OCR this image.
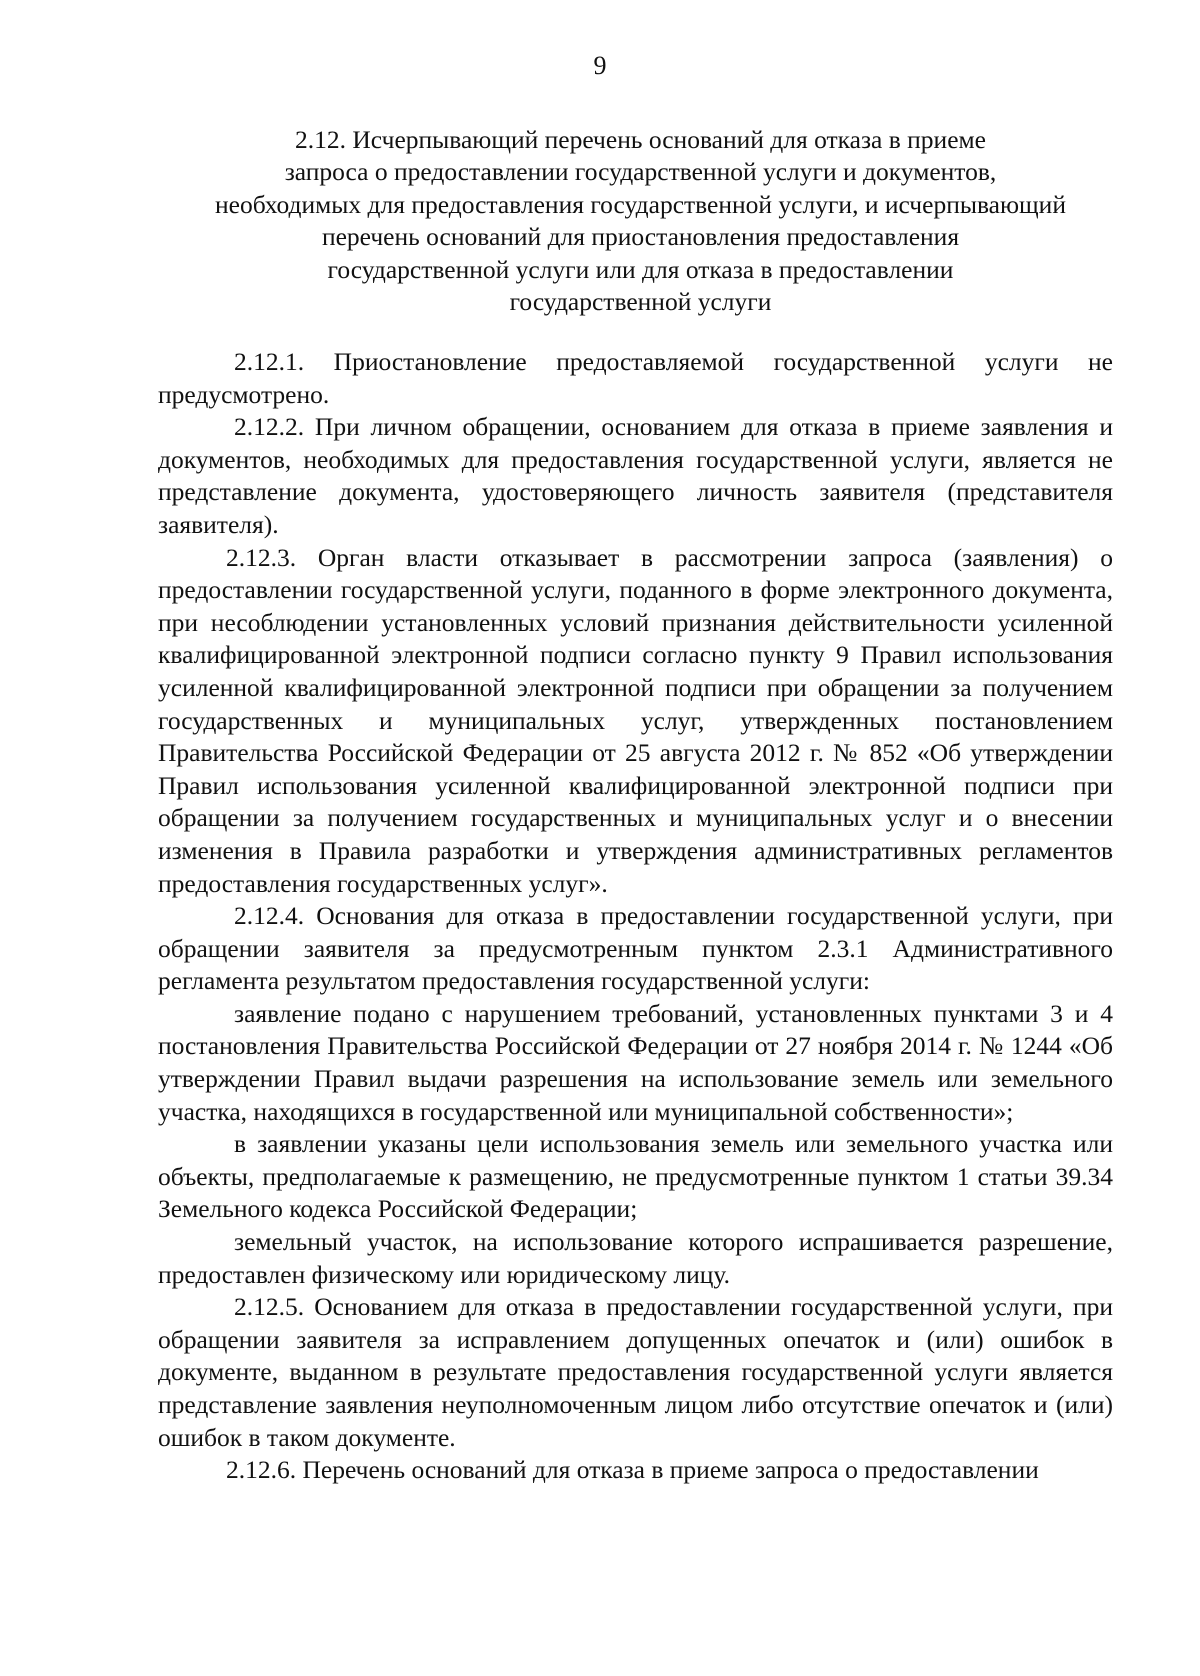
9
2.12. Исчерпывающий перечень оснований для отказа в приеме
запроса о предоставлении государственной услуги и документов,
необходимых для предоставления государственной услуги, и исчерпывающий
перечень оснований для приостановления предоставления
государственной услуги или для отказа в предоставлении
государственной услуги

2.12.1. Приостановление предоставляемой государственной услуги не предусмотрено.

2.12.2. При личном обращении, основанием для отказа в приеме заявления и документов, необходимых для предоставления государственной услуги, является не представление документа, удостоверяющего личность заявителя (представителя заявителя).

2.12.3. Орган власти отказывает в рассмотрении запроса (заявления) о предоставлении государственной услуги, поданного в форме электронного документа, при несоблюдении установленных условий признания действительности усиленной квалифицированной электронной подписи согласно пункту 9 Правил использования усиленной квалифицированной электронной подписи при обращении за получением государственных и муниципальных услуг, утвержденных постановлением Правительства Российской Федерации от 25 августа 2012 г. № 852 «Об утверждении Правил использования усиленной квалифицированной электронной подписи при обращении за получением государственных и муниципальных услуг и о внесении изменения в Правила разработки и утверждения административных регламентов предоставления государственных услуг».

2.12.4. Основания для отказа в предоставлении государственной услуги, при обращении заявителя за предусмотренным пунктом 2.3.1 Административного регламента результатом предоставления государственной услуги:

заявление подано с нарушением требований, установленных пунктами 3 и 4 постановления Правительства Российской Федерации от 27 ноября 2014 г. № 1244 «Об утверждении Правил выдачи разрешения на использование земель или земельного участка, находящихся в государственной или муниципальной собственности»;

в заявлении указаны цели использования земель или земельного участка или объекты, предполагаемые к размещению, не предусмотренные пунктом 1 статьи 39.34 Земельного кодекса Российской Федерации;

земельный участок, на использование которого испрашивается разрешение, предоставлен физическому или юридическому лицу.

2.12.5. Основанием для отказа в предоставлении государственной услуги, при обращении заявителя за исправлением допущенных опечаток и (или) ошибок в документе, выданном в результате предоставления государственной услуги является представление заявления неуполномоченным лицом либо отсутствие опечаток и (или) ошибок в таком документе.

2.12.6. Перечень оснований для отказа в приеме запроса о предоставлении
